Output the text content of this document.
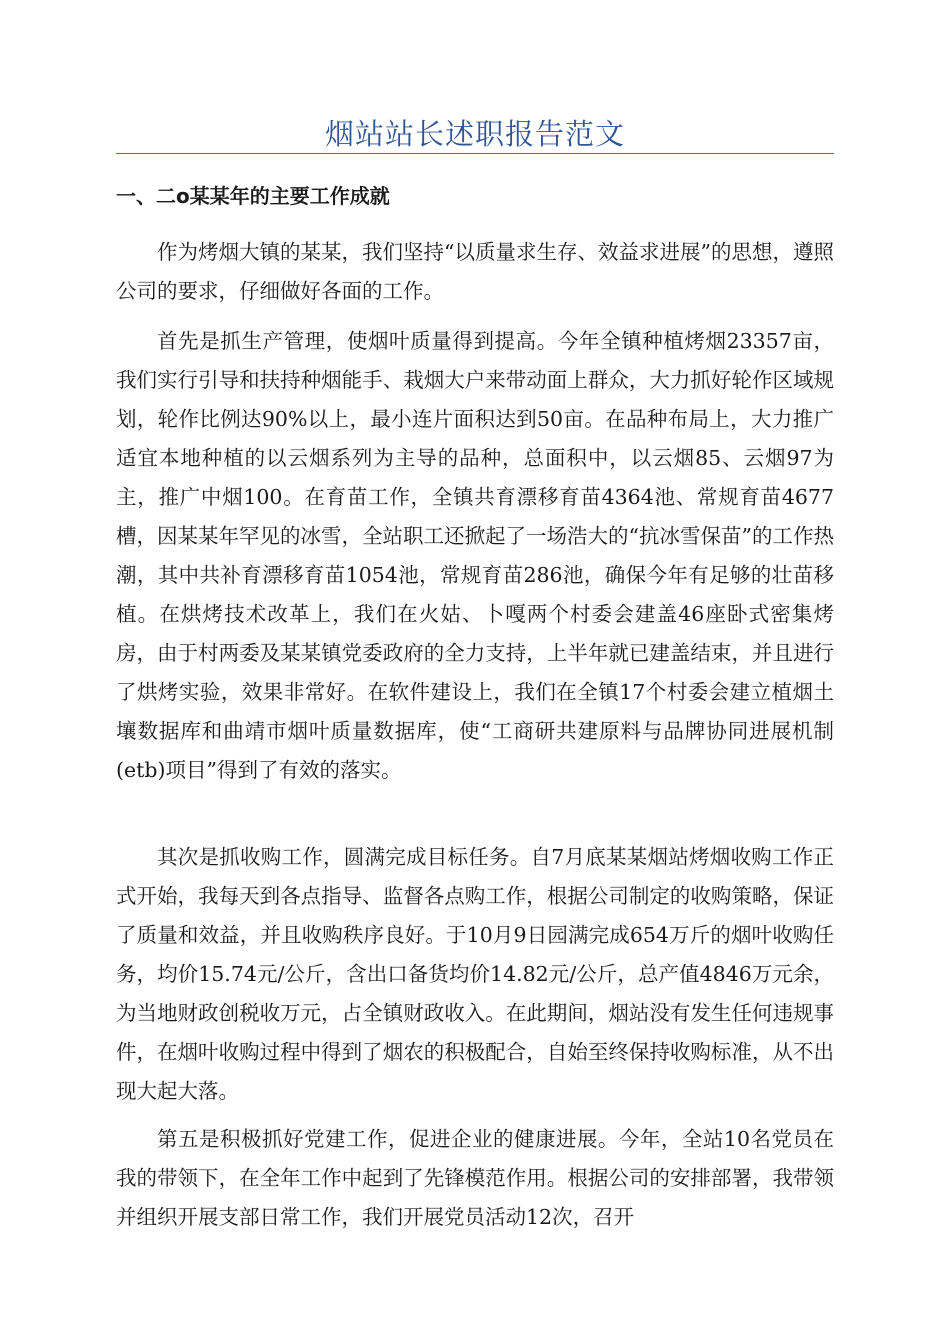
烟站站长述职报告范文
一、二o某某年的主要工作成就

作为烤烟大镇的某某，我们坚持“以质量求生存、效益求进展”的思想，遵照公司的要求，仔细做好各面的工作。

首先是抓生产管理，使烟叶质量得到提高。今年全镇种植烤烟23357亩，我们实行引导和扶持种烟能手、栽烟大户来带动面上群众，大力抓好轮作区域规划，轮作比例达90%以上，最小连片面积达到50亩。在品种布局上，大力推广适宜本地种植的以云烟系列为主导的品种，总面积中，以云烟85、云烟97为主，推广中烟100。在育苗工作，全镇共育漂移育苗4364池、常规育苗4677槽，因某某年罕见的冰雪，全站职工还掀起了一场浩大的“抗冰雪保苗”的工作热潮，其中共补育漂移育苗1054池，常规育苗286池，确保今年有足够的壮苗移植。在烘烤技术改革上，我们在火姑、卜嘎两个村委会建盖46座卧式密集烤房，由于村两委及某某镇党委政府的全力支持，上半年就已建盖结束，并且进行了烘烤实验，效果非常好。在软件建设上，我们在全镇17个村委会建立植烟土壤数据库和曲靖市烟叶质量数据库，使“工商研共建原料与品牌协同进展机制(etb)项目”得到了有效的落实。

其次是抓收购工作，圆满完成目标任务。自7月底某某烟站烤烟收购工作正式开始，我每天到各点指导、监督各点购工作，根据公司制定的收购策略，保证了质量和效益，并且收购秩序良好。于10月9日园满完成654万斤的烟叶收购任务，均价15.74元/公斤，含出口备货均价14.82元/公斤，总产值4846万元余，为当地财政创税收万元，占全镇财政收入。在此期间，烟站没有发生任何违规事件，在烟叶收购过程中得到了烟农的积极配合，自始至终保持收购标准，从不出现大起大落。

第五是积极抓好党建工作，促进企业的健康进展。今年，全站10名党员在我的带领下，在全年工作中起到了先锋模范作用。根据公司的安排部署，我带领并组织开展支部日常工作，我们开展党员活动12次，召开
